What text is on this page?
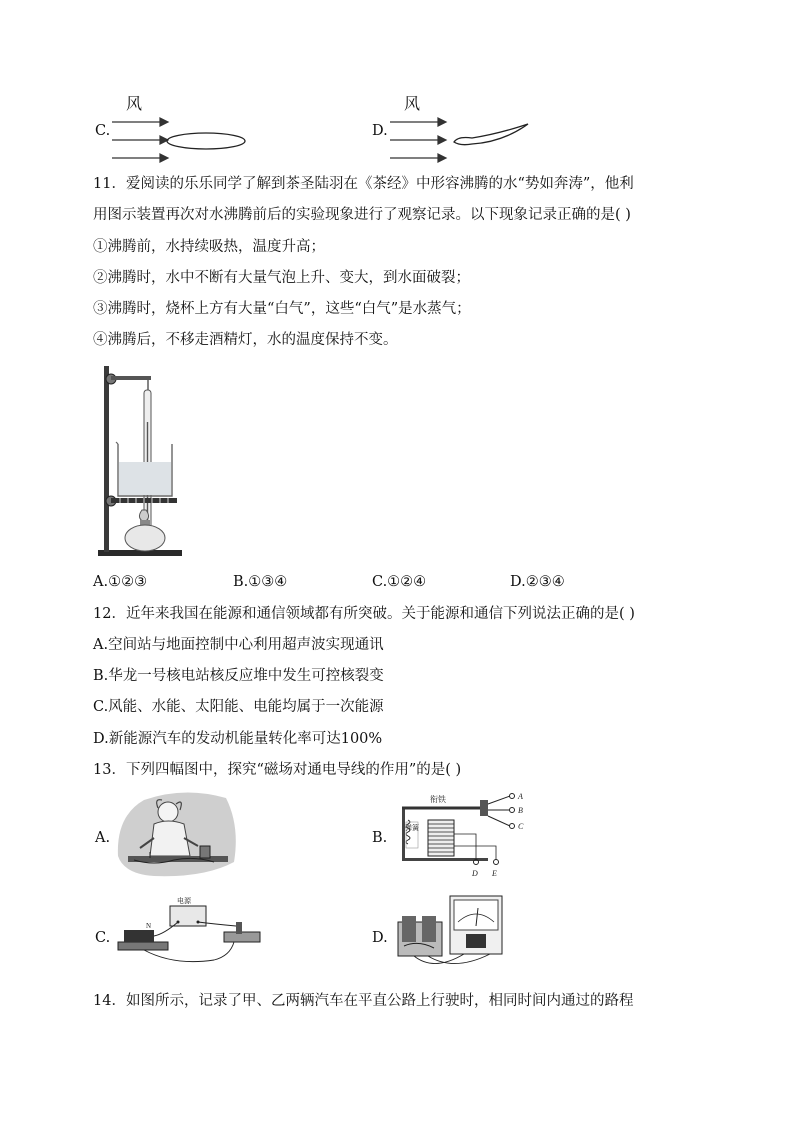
C.
风
D.
风
11．爱阅读的乐乐同学了解到茶圣陆羽在《茶经》中形容沸腾的水“势如奔涛”，他利
用图示装置再次对水沸腾前后的实验现象进行了观察记录。以下现象记录正确的是( )
①沸腾前，水持续吸热，温度升高；
②沸腾时，水中不断有大量气泡上升、变大，到水面破裂；
③沸腾时，烧杯上方有大量“白气”，这些“白气”是水蒸气；
④沸腾后，不移走酒精灯，水的温度保持不变。
A.①②③	B.①③④	C.①②④	D.②③④
12．近年来我国在能源和通信领域都有所突破。关于能源和通信下列说法正确的是( )
A.空间站与地面控制中心利用超声波实现通讯
B.华龙一号核电站核反应堆中发生可控核裂变
C.风能、水能、太阳能、电能均属于一次能源
D.新能源汽车的发动机能量转化率可达100%
13．下列四幅图中，探究“磁场对通电导线的作用”的是( )
A.	B.
衔铁
弹簧
A
B
C
D E
C.
电源
N
D.
14．如图所示，记录了甲、乙两辆汽车在平直公路上行驶时，相同时间内通过的路程
